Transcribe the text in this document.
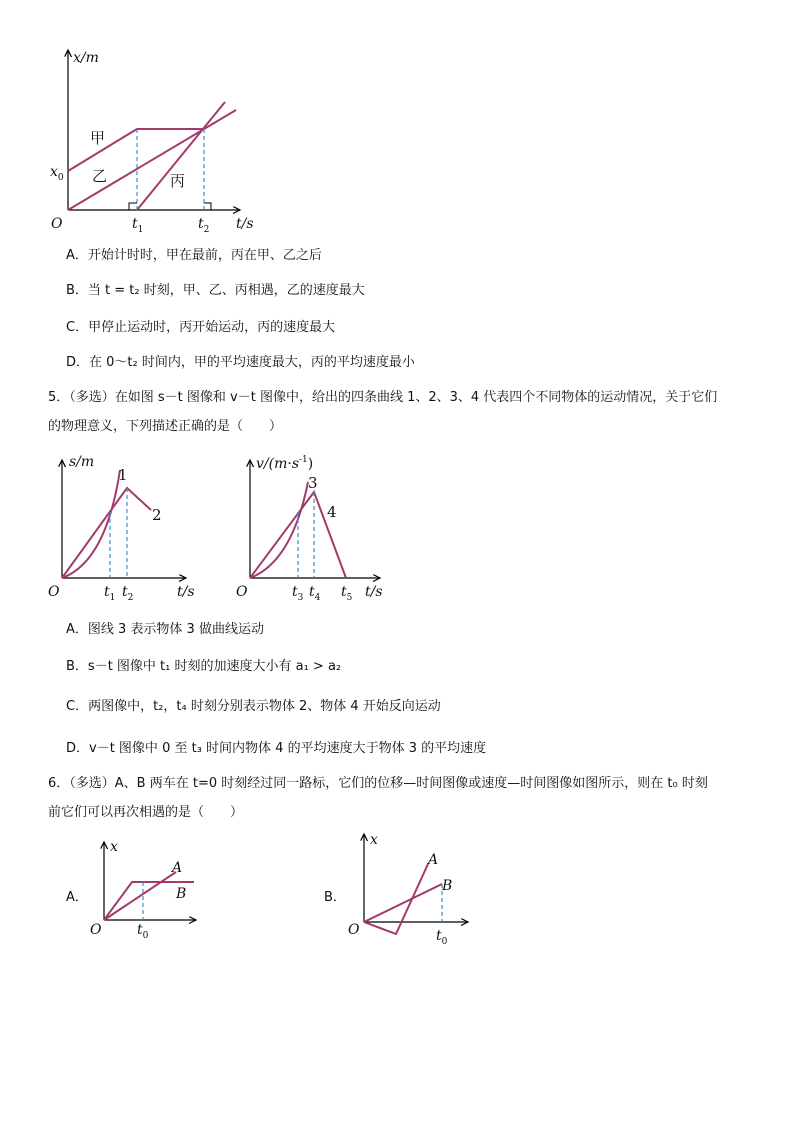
x/m
O	t/s
$x_0$
$t_1$	$t_2$
甲
乙	丙
A．开始计时时，甲在最前，丙在甲、乙之后
B．当 t = t₂ 时刻，甲、乙、丙相遇，乙的速度最大
C．甲停止运动时，丙开始运动，丙的速度最大
D．在 0～t₂ 时间内，甲的平均速度最大，丙的平均速度最小
5．（多选）在如图 s－t 图像和 v－t 图像中，给出的四条曲线 1、2、3、4 代表四个不同物体的运动情况，关于它们
的物理意义，下列描述正确的是（　　）
s/m
1
2
O	$t_1$ $t_2$	t/s
$v/(m\cdot s^{-1})$
3
4
O	$t_3$ $t_4$ $t_5$ t/s
A．图线 3 表示物体 3 做曲线运动
B．s－t 图像中 t₁ 时刻的加速度大小有 a₁ > a₂
C．两图像中，t₂，t₄ 时刻分别表示物体 2、物体 4 开始反向运动
D．v－t 图像中 0 至 t₃ 时间内物体 4 的平均速度大于物体 3 的平均速度
6．（多选）A、B 两车在 t=0 时刻经过同一路标，它们的位移—时间图像或速度—时间图像如图所示，则在 t₀ 时刻
前它们可以再次相遇的是（　　）
A．
x
A
B
O	$t_0$
B．
x
A
B
O	$t_0$
